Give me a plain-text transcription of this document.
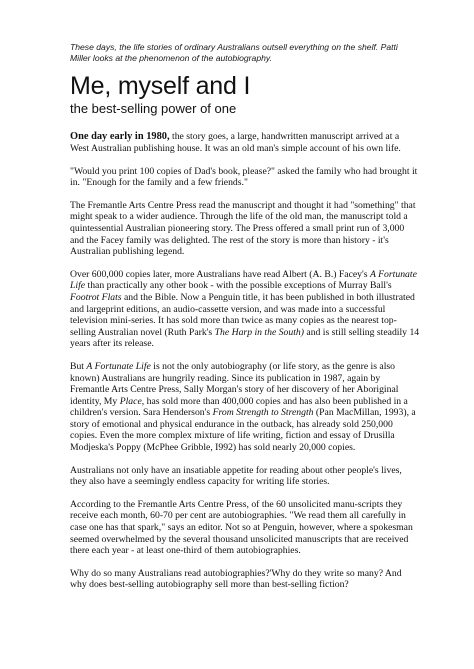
These days, the life stories of ordinary Australians outsell everything on the shelf. Patti Miller looks at the phenomenon of the autobiography.

Me, myself and I
the best-selling power of one

One day early in 1980, the story goes, a large, handwritten manuscript arrived at a West Australian publishing house. It was an old man's simple account of his own life.

"Would you print 100 copies of Dad's book, please?" asked the family who had brought it in. "Enough for the family and a few friends."

The Fremantle Arts Centre Press read the manuscript and thought it had "something" that might speak to a wider audience. Through the life of the old man, the manuscript told a quintessential Australian pioneering story. The Press offered a small print run of 3,000 and the Facey family was delighted. The rest of the story is more than history - it's Australian publishing legend.

Over 600,000 copies later, more Australians have read Albert (A. B.) Facey's A Fortunate Life than practically any other book - with the possible exceptions of Murray Ball's Footrot Flats and the Bible. Now a Penguin title, it has been published in both illustrated and largeprint editions, an audio-cassette version, and was made into a successful television mini-series. It has sold more than twice as many copies as the nearest top-selling Australian novel (Ruth Park's The Harp in the South) and is still selling steadily 14 years after its release.

But A Fortunate Life is not the only autobiography (or life story, as the genre is also known) Australians are hungrily reading. Since its publication in 1987, again by Fremantle Arts Centre Press, Sally Morgan's story of her discovery of her Aboriginal identity, My Place, has sold more than 400,000 copies and has also been published in a children's version. Sara Henderson's From Strength to Strength (Pan MacMillan, 1993), a story of emotional and physical endurance in the outback, has already sold 250,000 copies. Even the more complex mixture of life writing, fiction and essay of Drusilla Modjeska's Poppy (McPhee Gribble, I992) has sold nearly 20,000 copies.

Australians not only have an insatiable appetite for reading about other people's lives, they also have a seemingly endless capacity for writing life stories.

According to the Fremantle Arts Centre Press, of the 60 unsolicited manu-scripts they receive each month, 60-70 per cent are autobiographies. "We read them all carefully in case one has that spark," says an editor. Not so at Penguin, however, where a spokesman seemed overwhelmed by the several thousand unsolicited manuscripts that are received there each year - at least one-third of them autobiographies.

Why do so many Australians read autobiographies?'Why do they write so many? And why does best-selling autobiography sell more than best-selling fiction?
